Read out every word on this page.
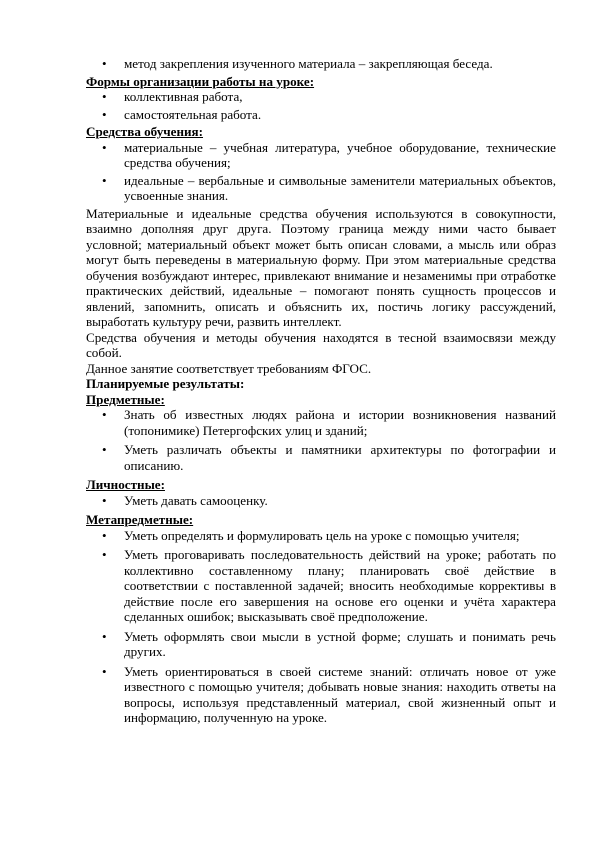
• метод закрепления изученного материала – закрепляющая беседа.

Формы организации работы на уроке:

• коллективная работа,
• самостоятельная работа.

Средства обучения:

• материальные – учебная литература, учебное оборудование, технические средства обучения;
• идеальные – вербальные и символьные заменители материальных объектов, усвоенные знания.

Материальные и идеальные средства обучения используются в совокупности, взаимно дополняя друг друга. Поэтому граница между ними часто бывает условной; материальный объект может быть описан словами, а мысль или образ могут быть переведены в материальную форму. При этом материальные средства обучения возбуждают интерес, привлекают внимание и незаменимы при отработке практических действий, идеальные – помогают понять сущность процессов и явлений, запомнить, описать и объяснить их, постичь логику рассуждений, выработать культуру речи, развить интеллект.

Средства обучения и методы обучения находятся в тесной взаимосвязи между собой.

Данное занятие соответствует требованиям ФГОС.

Планируемые результаты:

Предметные:

• Знать об известных людях района и истории возникновения названий (топонимике) Петергофских улиц и зданий;
• Уметь различать объекты и памятники архитектуры по фотографии и описанию.

Личностные:

• Уметь давать самооценку.

Метапредметные:

• Уметь определять и формулировать цель на уроке с помощью учителя;
• Уметь проговаривать последовательность действий на уроке; работать по коллективно составленному плану; планировать своё действие в соответствии с поставленной задачей; вносить необходимые коррективы в действие после его завершения на основе его оценки и учёта характера сделанных ошибок; высказывать своё предположение.
• Уметь оформлять свои мысли в устной форме; слушать и понимать речь других.
• Уметь ориентироваться в своей системе знаний: отличать новое от уже известного с помощью учителя; добывать новые знания: находить ответы на вопросы, используя представленный материал, свой жизненный опыт и информацию, полученную на уроке.
